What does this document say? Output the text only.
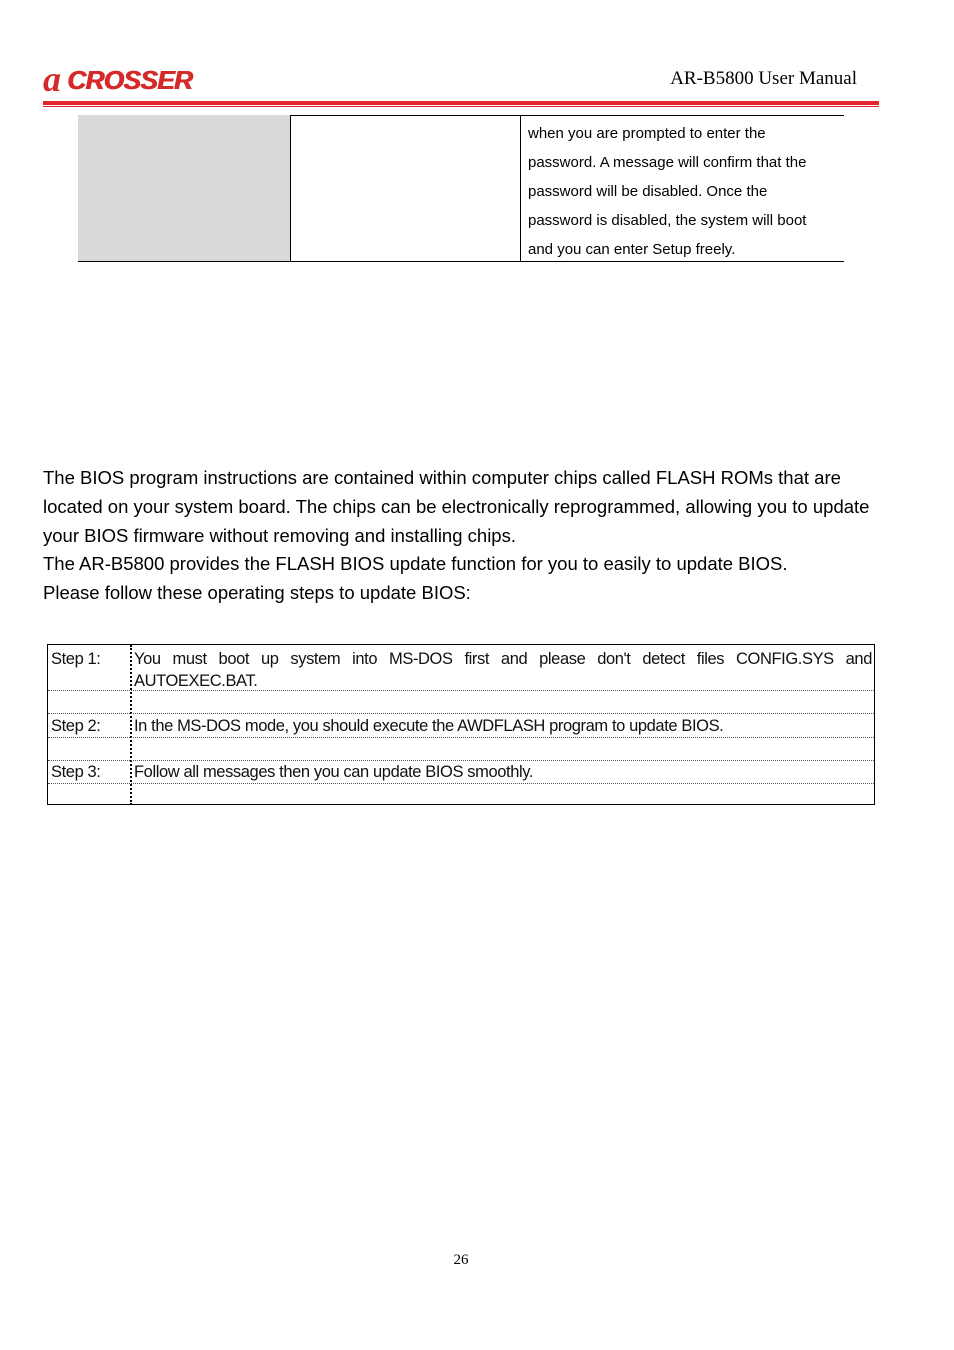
a CROSSER	AR-B5800 User Manual
when you are prompted to enter the
password. A message will confirm that the
password will be disabled. Once the
password is disabled, the system will boot
and you can enter Setup freely.

The BIOS program instructions are contained within computer chips called FLASH ROMs that are located on your system board. The chips can be electronically reprogrammed, allowing you to update your BIOS firmware without removing and installing chips.

The AR-B5800 provides the FLASH BIOS update function for you to easily to update BIOS.

Please follow these operating steps to update BIOS:

Step 1: You must boot up system into MS-DOS first and please don't detect files CONFIG.SYS and
AUTOEXEC.BAT.
Step 2: In the MS-DOS mode, you should execute the AWDFLASH program to update BIOS.
Step 3: Follow all messages then you can update BIOS smoothly.
26
